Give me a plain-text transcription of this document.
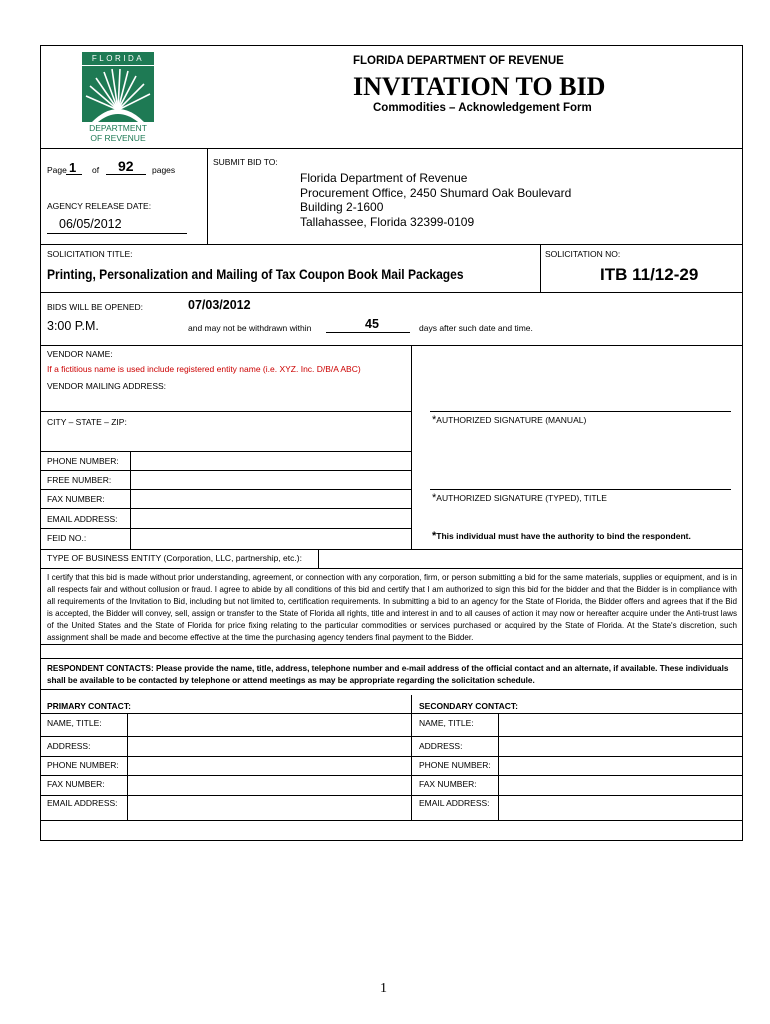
FLORIDA
DEPARTMENT
OF REVENUE
FLORIDA DEPARTMENT OF REVENUE
INVITATION TO BID
Commodities – Acknowledgement Form
Page 1 of 92 pages
AGENCY RELEASE DATE:
06/05/2012
SUBMIT BID TO:
Florida Department of Revenue
Procurement Office, 2450 Shumard Oak Boulevard
Building 2-1600
Tallahassee, Florida 32399-0109
SOLICITATION TITLE:
Printing, Personalization and Mailing of Tax Coupon Book Mail Packages
SOLICITATION NO:
ITB 11/12-29
BIDS WILL BE OPENED:	07/03/2012
3:00 P.M.	and may not be withdrawn within	45	days after such date and time.
VENDOR NAME:
If a fictitious name is used include registered entity name (i.e. XYZ. Inc. D/B/A ABC)
VENDOR MAILING ADDRESS:
CITY – STATE – ZIP:
PHONE NUMBER:
FREE NUMBER:
FAX NUMBER:
EMAIL ADDRESS:
FEID NO.:
*AUTHORIZED SIGNATURE (MANUAL)
*AUTHORIZED SIGNATURE (TYPED), TITLE
*This individual must have the authority to bind the respondent.
TYPE OF BUSINESS ENTITY (Corporation, LLC, partnership, etc.):
I certify that this bid is made without prior understanding, agreement, or connection with any corporation, firm, or person submitting a bid for the same materials, supplies or equipment, and is in all respects fair and without collusion or fraud. I agree to abide by all conditions of this bid and certify that I am authorized to sign this bid for the bidder and that the Bidder is in compliance with all requirements of the Invitation to Bid, including but not limited to, certification requirements. In submitting a bid to an agency for the State of Florida, the Bidder offers and agrees that if the Bid is accepted, the Bidder will convey, sell, assign or transfer to the State of Florida all rights, title and interest in and to all causes of action it may now or hereafter acquire under the Anti-trust laws of the United States and the State of Florida for price fixing relating to the particular commodities or services purchased or acquired by the State of Florida. At the State's discretion, such assignment shall be made and become effective at the time the purchasing agency tenders final payment to the Bidder.
RESPONDENT CONTACTS: Please provide the name, title, address, telephone number and e-mail address of the official contact and an alternate, if available. These individuals shall be available to be contacted by telephone or attend meetings as may be appropriate regarding the solicitation schedule.
PRIMARY CONTACT:	SECONDARY CONTACT:
NAME, TITLE:	NAME, TITLE:
ADDRESS:	ADDRESS:
PHONE NUMBER:	PHONE NUMBER:
FAX NUMBER:	FAX NUMBER:
EMAIL ADDRESS:	EMAIL ADDRESS:
1
